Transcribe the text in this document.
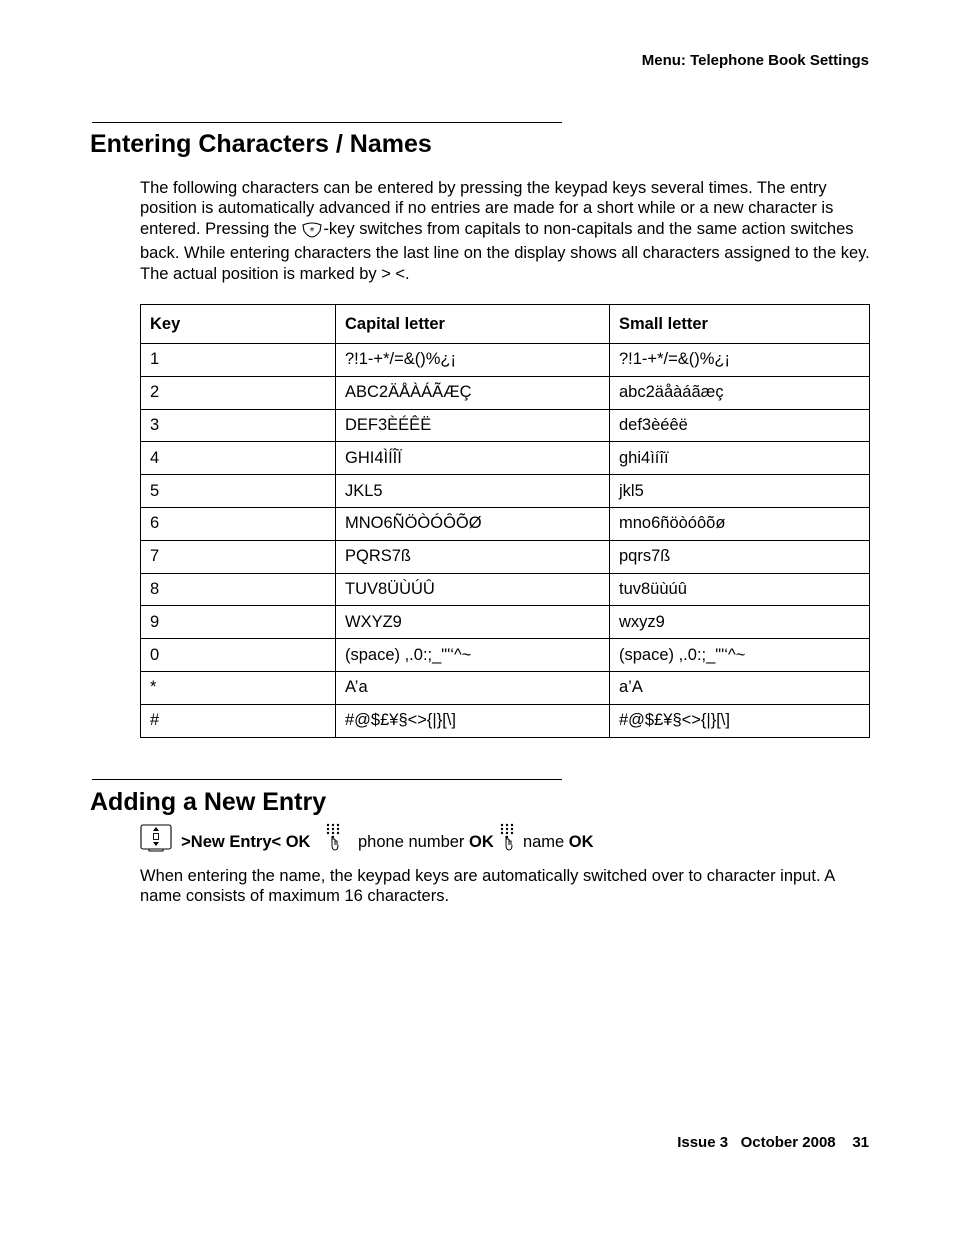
Menu: Telephone Book Settings
Entering Characters / Names

The following characters can be entered by pressing the keypad keys several times. The entry position is automatically advanced if no entries are made for a short while or a new character is entered. Pressing the * -key switches from capitals to non-capitals and the same action switches back. While entering characters the last line on the display shows all characters assigned to the key. The actual position is marked by > <.

Key	Capital letter	Small letter
1	?!1-+*/=&()%¿¡	?!1-+*/=&()%¿¡
2	ABC2ÄÅÀÁÃÆÇ	abc2äåàáãæç
3	DEF3ÈÉÊË	def3èéêë
4	GHI4ÌÍÎÏ	ghi4ìíîï
5	JKL5	jkl5
6	MNO6ÑÖÒÓÔÕØ	mno6ñöòóôõø
7	PQRS7ß	pqrs7ß
8	TUV8ÜÙÚÛ	tuv8üùúû
9	WXYZ9	wxyz9
0	(space) ,.0:;_"'‘^~	(space) ,.0:;_"'‘^~
*	A’a	a’A
#	#@$£¥§<>{|}[\]	#@$£¥§<>{|}[\]
Adding a New Entry

>New Entry< OK

	phone number OK

name OK

When entering the name, the keypad keys are automatically switched over to character input. A name consists of maximum 16 characters.

Issue 3 October 2008 31
